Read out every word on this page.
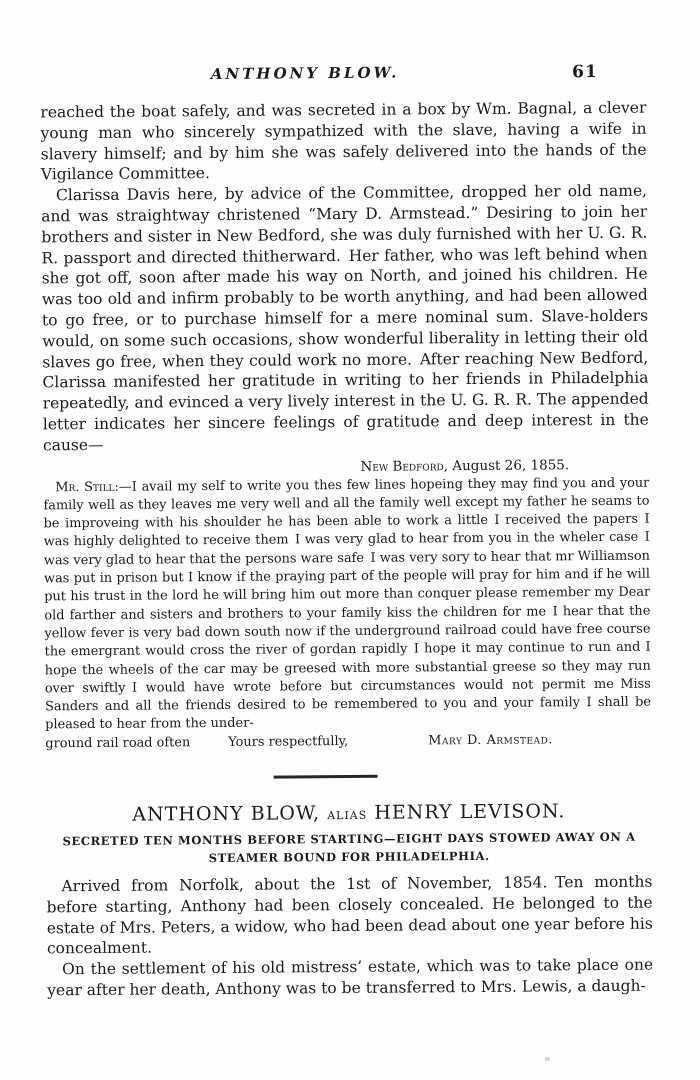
ANTHONY BLOW.	61

reached the boat safely, and was secreted in a box by Wm. Bagnal, a clever young man who sincerely sympathized with the slave, having a wife in slavery himself; and by him she was safely delivered into the hands of the Vigilance Committee.

Clarissa Davis here, by advice of the Committee, dropped her old name, and was straightway christened “Mary D. Armstead.” Desiring to join her brothers and sister in New Bedford, she was duly furnished with her U. G. R. R. passport and directed thitherward. Her father, who was left behind when she got off, soon after made his way on North, and joined his children. He was too old and infirm probably to be worth anything, and had been allowed to go free, or to purchase himself for a mere nominal sum. Slave-holders would, on some such occasions, show wonderful liberality in letting their old slaves go free, when they could work no more. After reaching New Bedford, Clarissa manifested her gratitude in writing to her friends in Philadelphia repeatedly, and evinced a very lively interest in the U. G. R. R. The appended letter indicates her sincere feelings of gratitude and deep interest in the cause—

New Bedford, August 26, 1855.

Mr. Still:—I avail my self to write you thes few lines hopeing they may find you and your family well as they leaves me very well and all the family well except my father he seams to be improveing with his shoulder he has been able to work a little I received the papers I was highly delighted to receive them I was very glad to hear from you in the wheler case I was very glad to hear that the persons ware safe I was very sory to hear that mr Williamson was put in prison but I know if the praying part of the people will pray for him and if he will put his trust in the lord he will bring him out more than conquer please remember my Dear old farther and sisters and brothers to your family kiss the children for me I hear that the yellow fever is very bad down south now if the underground railroad could have free course the emergrant would cross the river of gordan rapidly I hope it may continue to run and I hope the wheels of the car may be greesed with more substantial greese so they may run over swiftly I would have wrote before but circumstances would not permit me Miss Sanders and all the friends desired to be remembered to you and your family I shall be pleased to hear from the under-

ground rail road often	Yours respectfully,	Mary D. Armstead.
ANTHONY BLOW, alias HENRY LEVISON.
SECRETED TEN MONTHS BEFORE STARTING—EIGHT DAYS STOWED AWAY ON A
STEAMER BOUND FOR PHILADELPHIA.

Arrived from Norfolk, about the 1st of November, 1854. Ten months before starting, Anthony had been closely concealed. He belonged to the estate of Mrs. Peters, a widow, who had been dead about one year before his concealment.

On the settlement of his old mistress’ estate, which was to take place one year after her death, Anthony was to be transferred to Mrs. Lewis, a daugh-
